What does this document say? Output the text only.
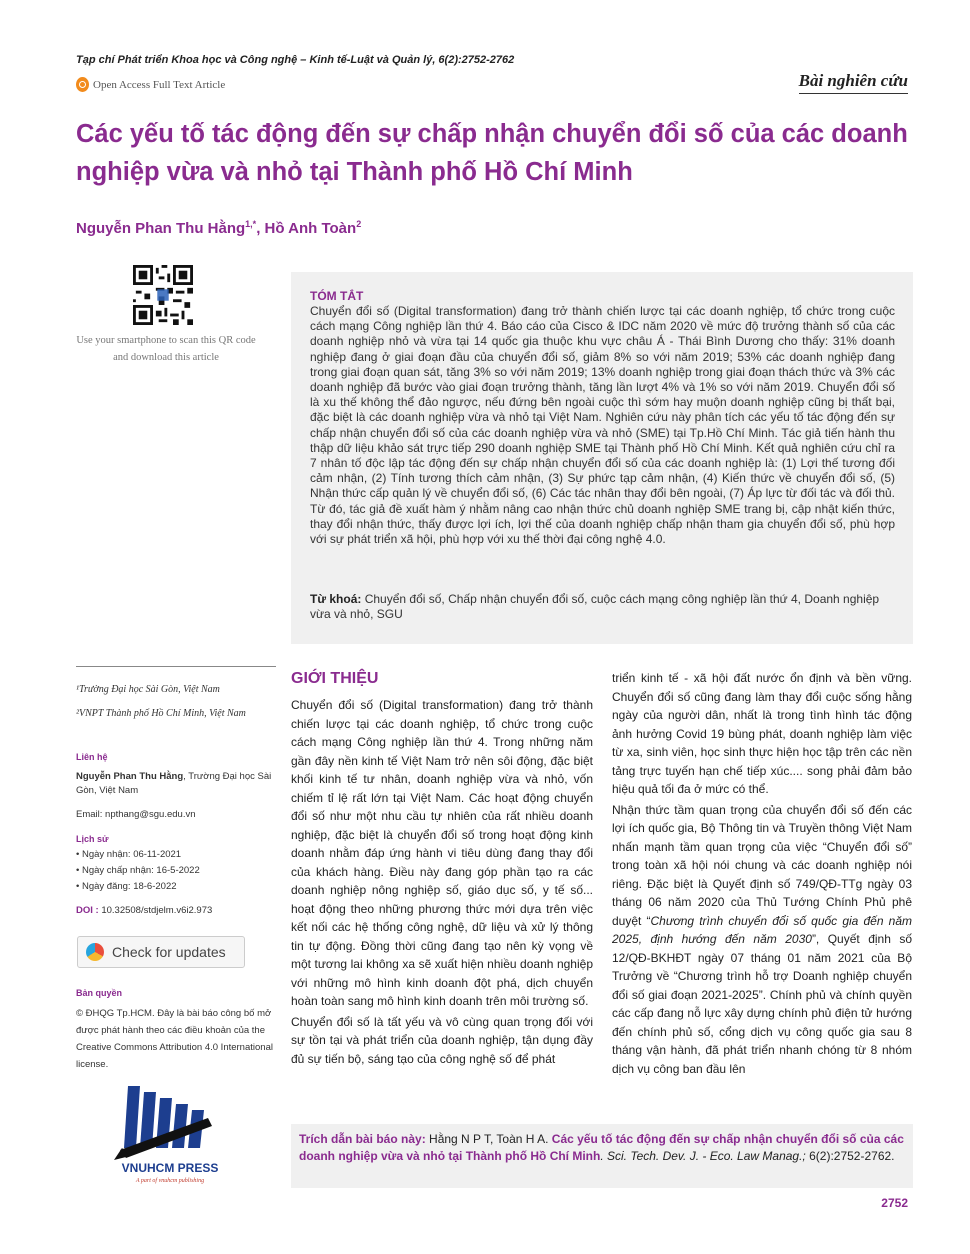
Tạp chí Phát triển Khoa học và Công nghệ – Kinh tế-Luật và Quản lý, 6(2):2752-2762
Open Access Full Text Article	Bài nghiên cứu
Các yếu tố tác động đến sự chấp nhận chuyển đổi số của các doanh nghiệp vừa và nhỏ tại Thành phố Hồ Chí Minh
Nguyễn Phan Thu Hằng$^{1,*}$, Hồ Anh Toàn$^2$
Use your smartphone to scan this QR code and download this article
TÓM TẮT
Chuyển đổi số (Digital transformation) đang trở thành chiến lược tại các doanh nghiệp, tổ chức trong cuộc cách mạng Công nghiệp lần thứ 4. Báo cáo của Cisco & IDC năm 2020 về mức độ trưởng thành số của các doanh nghiệp nhỏ và vừa tại 14 quốc gia thuộc khu vực châu Á - Thái Bình Dương cho thấy: 31% doanh nghiệp đang ở giai đoạn đầu của chuyển đổi số, giảm 8% so với năm 2019; 53% các doanh nghiệp đang trong giai đoạn quan sát, tăng 3% so với năm 2019; 13% doanh nghiệp trong giai đoạn thách thức và 3% các doanh nghiệp đã bước vào giai đoạn trưởng thành, tăng lần lượt 4% và 1% so với năm 2019. Chuyển đổi số là xu thế không thể đảo ngược, nếu đứng bên ngoài cuộc thì sớm hay muộn doanh nghiệp cũng bị thất bại, đặc biệt là các doanh nghiệp vừa và nhỏ tại Việt Nam. Nghiên cứu này phân tích các yếu tố tác động đến sự chấp nhận chuyển đổi số của các doanh nghiệp vừa và nhỏ (SME) tại Tp.Hồ Chí Minh. Tác giả tiến hành thu thập dữ liệu khảo sát trực tiếp 290 doanh nghiệp SME tại Thành phố Hồ Chí Minh. Kết quả nghiên cứu chỉ ra 7 nhân tố độc lập tác động đến sự chấp nhận chuyển đổi số của các doanh nghiệp là: (1) Lợi thế tương đối cảm nhận, (2) Tính tương thích cảm nhận, (3) Sự phức tạp cảm nhận, (4) Kiến thức về chuyển đổi số, (5) Nhận thức cấp quản lý về chuyển đổi số, (6) Các tác nhân thay đổi bên ngoài, (7) Áp lực từ đối tác và đối thủ. Từ đó, tác giả đề xuất hàm ý nhằm nâng cao nhận thức chủ doanh nghiệp SME trang bị, cập nhật kiến thức, thay đổi nhận thức, thấy được lợi ích, lợi thế của doanh nghiệp chấp nhận tham gia chuyển đổi số, phù hợp với sự phát triển xã hội, phù hợp với xu thế thời đại công nghệ 4.0.
Từ khoá: Chuyển đổi số, Chấp nhận chuyển đổi số, cuộc cách mạng công nghiệp lần thứ 4, Doanh nghiệp vừa và nhỏ, SGU
¹Trường Đại học Sài Gòn, Việt Nam
²VNPT Thành phố Hồ Chí Minh, Việt Nam
Liên hệ
Nguyễn Phan Thu Hằng, Trường Đại học Sài Gòn, Việt Nam
Email: npthang@sgu.edu.vn
Lịch sử
• Ngày nhận: 06-11-2021
• Ngày chấp nhận: 16-5-2022
• Ngày đăng: 18-6-2022
DOI : 10.32508/stdjelm.v6i2.973
Check for updates
Bản quyền
© ĐHQG Tp.HCM. Đây là bài báo công bố mở được phát hành theo các điều khoản của the Creative Commons Attribution 4.0 International license.
VNUHCM PRESS
A part of vnuhcm publishing
GIỚI THIỆU

Chuyển đổi số (Digital transformation) đang trở thành chiến lược tại các doanh nghiệp, tổ chức trong cuộc cách mạng Công nghiệp lần thứ 4. Trong những năm gần đây nền kinh tế Việt Nam trở nên sôi động, đặc biệt khối kinh tế tư nhân, doanh nghiệp vừa và nhỏ, vốn chiếm tỉ lệ rất lớn tại Việt Nam. Các hoạt động chuyển đổi số như một nhu cầu tự nhiên của rất nhiều doanh nghiệp, đặc biệt là chuyển đổi số trong hoạt động kinh doanh nhằm đáp ứng hành vi tiêu dùng đang thay đổi của khách hàng. Điều này đang góp phần tạo ra các doanh nghiệp nông nghiệp số, giáo dục số, y tế số... hoạt động theo những phương thức mới dựa trên việc kết nối các hệ thống công nghệ, dữ liệu và xử lý thông tin tự động. Đồng thời cũng đang tạo nên kỳ vọng về một tương lai không xa sẽ xuất hiện nhiều doanh nghiệp với những mô hình kinh doanh đột phá, dịch chuyển hoàn toàn sang mô hình kinh doanh trên môi trường số.

Chuyển đổi số là tất yếu và vô cùng quan trọng đối với sự tồn tại và phát triển của doanh nghiệp, tận dụng đầy đủ sự tiến bộ, sáng tạo của công nghệ số để phát

triển kinh tế - xã hội đất nước ổn định và bền vững. Chuyển đổi số cũng đang làm thay đổi cuộc sống hằng ngày của người dân, nhất là trong tình hình tác động ảnh hưởng Covid 19 bùng phát, doanh nghiệp làm việc từ xa, sinh viên, học sinh thực hiện học tập trên các nền tảng trực tuyến hạn chế tiếp xúc.... song phải đảm bảo hiệu quả tối đa ở mức có thể.

Nhận thức tầm quan trọng của chuyển đổi số đến các lợi ích quốc gia, Bộ Thông tin và Truyền thông Việt Nam nhấn mạnh tầm quan trọng của việc “Chuyển đổi số” trong toàn xã hội nói chung và các doanh nghiệp nói riêng. Đặc biệt là Quyết định số 749/QĐ-TTg ngày 03 tháng 06 năm 2020 của Thủ Tướng Chính Phủ phê duyệt “Chương trình chuyển đổi số quốc gia đến năm 2025, định hướng đến năm 2030”, Quyết định số 12/QĐ-BKHĐT ngày 07 tháng 01 năm 2021 của Bộ Trưởng về “Chương trình hỗ trợ Doanh nghiệp chuyển đổi số giai đoạn 2021-2025”. Chính phủ và chính quyền các cấp đang nỗ lực xây dựng chính phủ điện tử hướng đến chính phủ số, cổng dịch vụ công quốc gia sau 8 tháng vận hành, đã phát triển nhanh chóng từ 8 nhóm dịch vụ công ban đầu lên

Trích dẫn bài báo này: Hằng N P T, Toàn H A. Các yếu tố tác động đến sự chấp nhận chuyển đổi số của các doanh nghiệp vừa và nhỏ tại Thành phố Hồ Chí Minh. Sci. Tech. Dev. J. - Eco. Law Manag.; 6(2):2752-2762.
2752
